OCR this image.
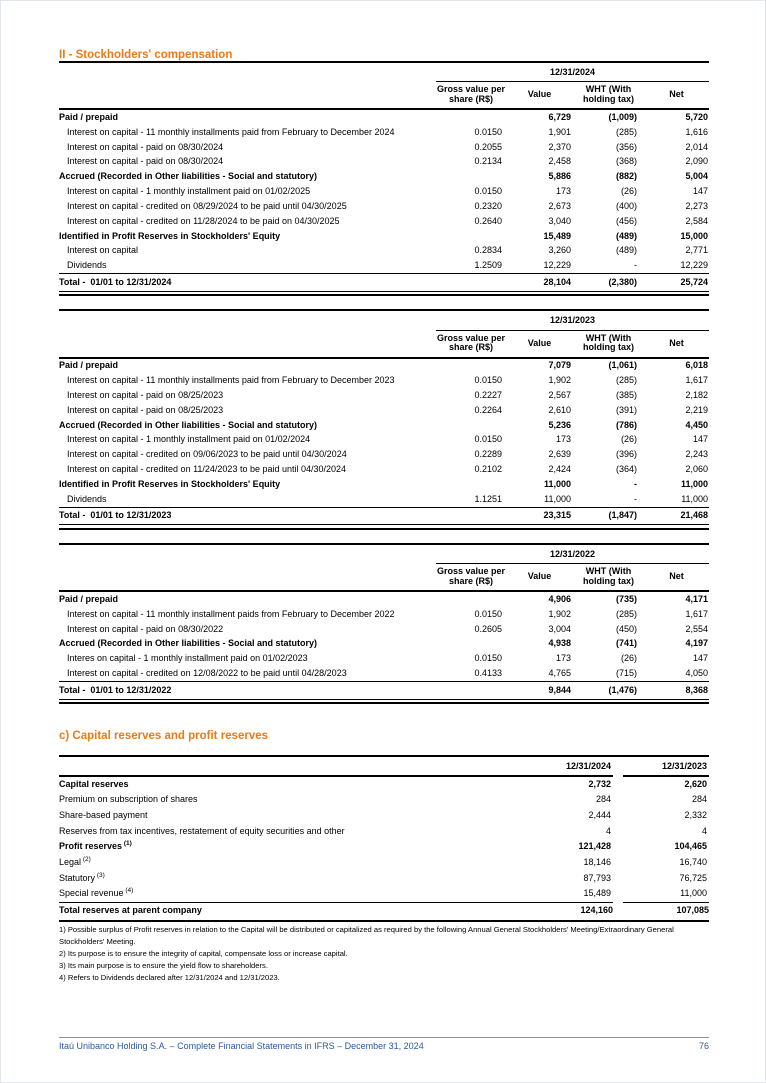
II - Stockholders' compensation
	12/31/2024			
	Gross value per share (R$)	Value	WHT (With holding tax)	Net
Paid / prepaid		6,729	(1,009)	5,720
Interest on capital - 11 monthly installments paid from February to December 2024	0.0150	1,901	(285)	1,616
Interest on capital - paid on 08/30/2024	0.2055	2,370	(356)	2,014
Interest on capital - paid on 08/30/2024	0.2134	2,458	(368)	2,090
Accrued (Recorded in Other liabilities - Social and statutory)		5,886	(882)	5,004
Interest on capital - 1 monthly installment paid on 01/02/2025	0.0150	173	(26)	147
Interest on capital - credited on 08/29/2024 to be paid until 04/30/2025	0.2320	2,673	(400)	2,273
Interest on capital - credited on 11/28/2024 to be paid on 04/30/2025	0.2640	3,040	(456)	2,584
Identified in Profit Reserves in Stockholders' Equity		15,489	(489)	15,000
Interest on capital	0.2834	3,260	(489)	2,771
Dividends	1.2509	12,229	-	12,229
Total -  01/01 to 12/31/2024		28,104	(2,380)	25,724
	12/31/2023			
	Gross value per share (R$)	Value	WHT (With holding tax)	Net
Paid / prepaid		7,079	(1,061)	6,018
Interest on capital - 11 monthly installments paid from February to December 2023	0.0150	1,902	(285)	1,617
Interest on capital - paid on 08/25/2023	0.2227	2,567	(385)	2,182
Interest on capital - paid on 08/25/2023	0.2264	2,610	(391)	2,219
Accrued (Recorded in Other liabilities - Social and statutory)		5,236	(786)	4,450
Interest on capital - 1 monthly installment paid on 01/02/2024	0.0150	173	(26)	147
Interest on capital - credited on 09/06/2023 to be paid until 04/30/2024	0.2289	2,639	(396)	2,243
Interest on capital - credited on 11/24/2023 to be paid until 04/30/2024	0.2102	2,424	(364)	2,060
Identified in Profit Reserves in Stockholders' Equity		11,000	-	11,000
Dividends	1.1251	11,000	-	11,000
Total -  01/01 to 12/31/2023		23,315	(1,847)	21,468
	12/31/2022			
	Gross value per share (R$)	Value	WHT (With holding tax)	Net
Paid / prepaid		4,906	(735)	4,171
Interest on capital - 11 monthly installment paids from February to December 2022	0.0150	1,902	(285)	1,617
Interest on capital - paid on 08/30/2022	0.2605	3,004	(450)	2,554
Accrued (Recorded in Other liabilities - Social and statutory)		4,938	(741)	4,197
Interes on capital - 1 monthly installment paid on 01/02/2023	0.0150	173	(26)	147
Interest on capital - credited on 12/08/2022 to be paid until 04/28/2023	0.4133	4,765	(715)	4,050
Total -  01/01 to 12/31/2022		9,844	(1,476)	8,368
c) Capital reserves and profit reserves
	12/31/2024		12/31/2023
Capital reserves	2,732		2,620
Premium on subscription of shares	284		284
Share-based payment	2,444		2,332
Reserves from tax incentives, restatement of equity securities and other	4		4
Profit reserves $^{(1)}$	121,428		104,465
Legal $^{(2)}$	18,146		16,740
Statutory $^{(3)}$	87,793		76,725
Special revenue $^{(4)}$	15,489		11,000
Total reserves at parent company	124,160		107,085
1) Possible surplus of Profit reserves in relation to the Capital will be distributed or capitalized as required by the following Annual General Stockholders' Meeting/Extraordinary General Stockholders' Meeting.
2) Its purpose is to ensure the integrity of capital, compensate loss or increase capital.
3) Its main purpose is to ensure the yield flow to shareholders.
4) Refers to Dividends declared after 12/31/2024 and 12/31/2023.
Itaú Unibanco Holding S.A. – Complete Financial Statements in IFRS – December 31, 2024	76
